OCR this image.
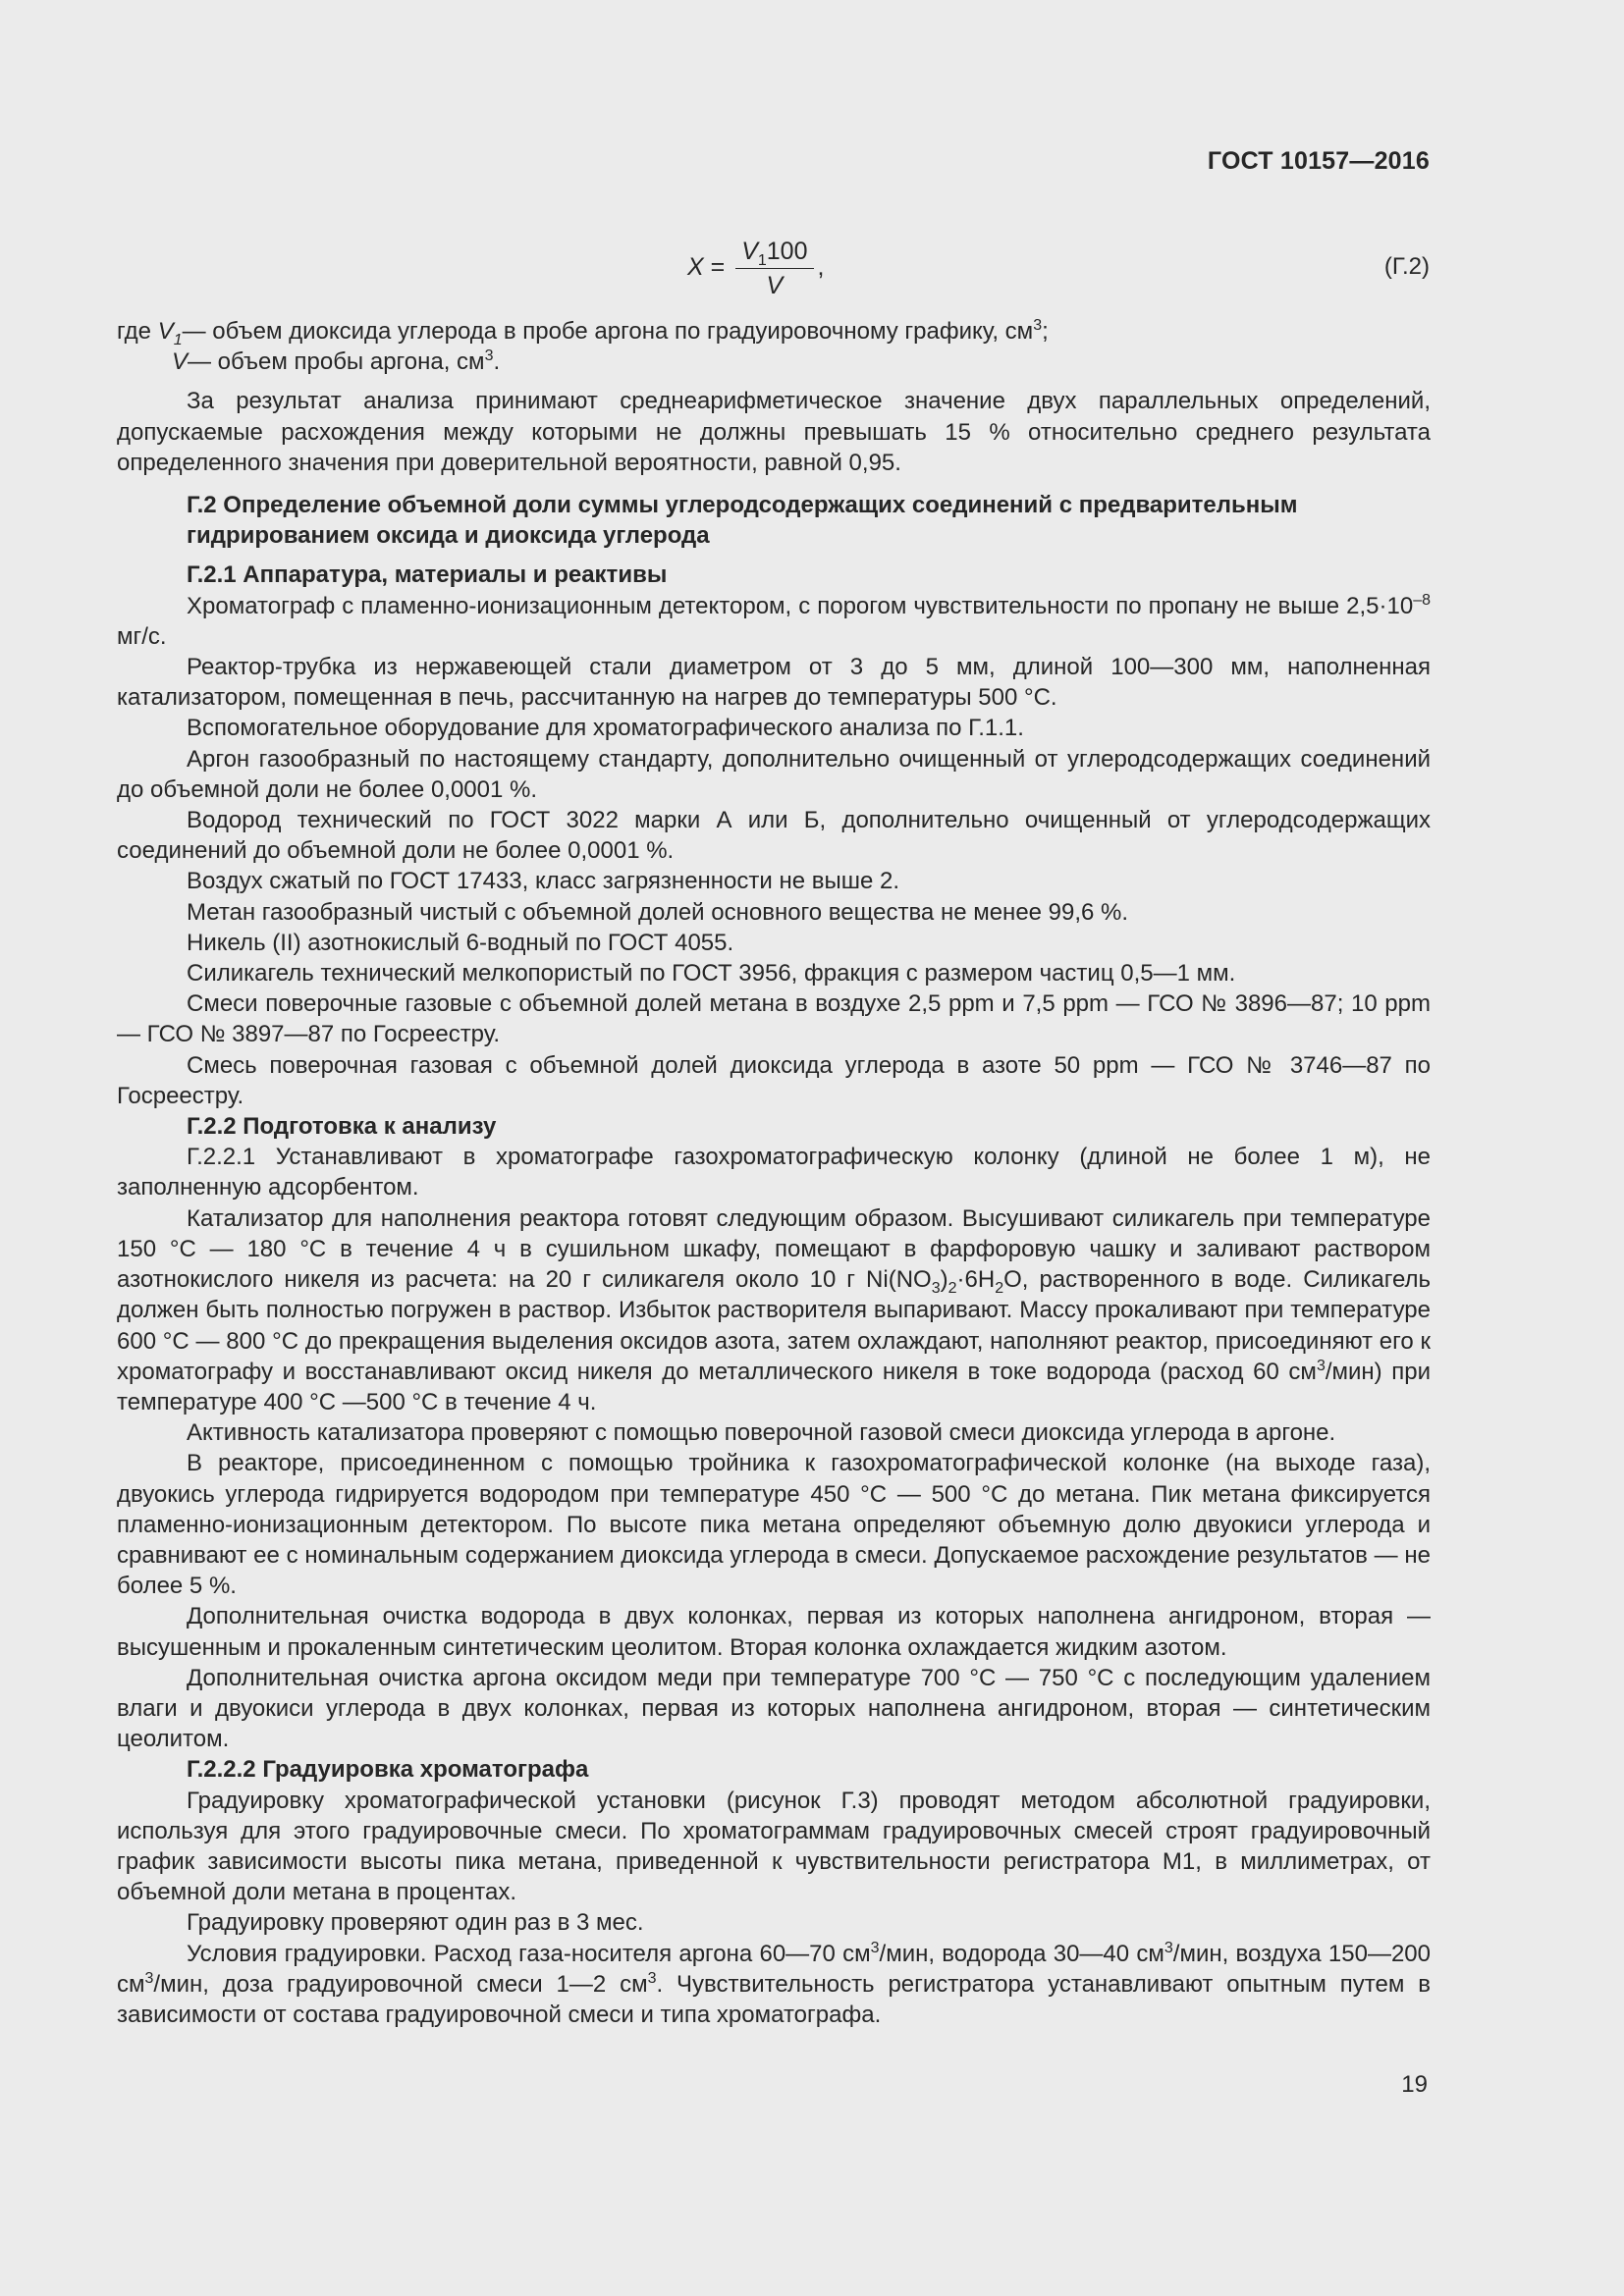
ГОСТ 10157—2016
$X = \frac{V_1100}{V}$ ,	(Г.2)

где $V_1$ — объем диоксида углерода в пробе аргона по градуировочному графику, $см^3$;

V — объем пробы аргона, $см^3$.

За результат анализа принимают среднеарифметическое значение двух параллельных определений, допускаемые расхождения между которыми не должны превышать 15 % относительно среднего результата определенного значения при доверительной вероятности, равной 0,95.

Г.2 Определение объемной доли суммы углеродсодержащих соединений с предварительным гидрированием оксида и диоксида углерода

Г.2.1 Аппаратура, материалы и реактивы

Хроматограф с пламенно-ионизационным детектором, с порогом чувствительности по пропану не выше $2,5\cdot 10^{-8}$ мг/с.

Реактор-трубка из нержавеющей стали диаметром от 3 до 5 мм, длиной 100—300 мм, наполненная катализатором, помещенная в печь, рассчитанную на нагрев до температуры 500 °С.

Вспомогательное оборудование для хроматографического анализа по Г.1.1.

Аргон газообразный по настоящему стандарту, дополнительно очищенный от углеродсодержащих соединений до объемной доли не более 0,0001 %.

Водород технический по ГОСТ 3022 марки А или Б, дополнительно очищенный от углеродсодержащих соединений до объемной доли не более 0,0001 %.

Воздух сжатый по ГОСТ 17433, класс загрязненности не выше 2.

Метан газообразный чистый с объемной долей основного вещества не менее 99,6 %.

Никель (II) азотнокислый 6-водный по ГОСТ 4055.

Силикагель технический мелкопористый по ГОСТ 3956, фракция с размером частиц 0,5—1 мм.

Смеси поверочные газовые с объемной долей метана в воздухе 2,5 ppm и 7,5 ppm — ГСО № 3896—87; 10 ppm — ГСО № 3897—87 по Госреестру.

Смесь поверочная газовая с объемной долей диоксида углерода в азоте 50 ppm — ГСО № 3746—87 по Госреестру.

Г.2.2 Подготовка к анализу

Г.2.2.1 Устанавливают в хроматографе газохроматографическую колонку (длиной не более 1 м), не заполненную адсорбентом.

Катализатор для наполнения реактора готовят следующим образом. Высушивают силикагель при температуре 150 °С — 180 °С в течение 4 ч в сушильном шкафу, помещают в фарфоровую чашку и заливают раствором азотнокислого никеля из расчета: на 20 г силикагеля около 10 г $Ni(NO_3)_2\cdot 6H_2O$, растворенного в воде. Силикагель должен быть полностью погружен в раствор. Избыток растворителя выпаривают. Массу прокаливают при температуре 600 °С — 800 °С до прекращения выделения оксидов азота, затем охлаждают, наполняют реактор, присоединяют его к хроматографу и восстанавливают оксид никеля до металлического никеля в токе водорода (расход 60 $см^3/мин$) при температуре 400 °С —500 °С в течение 4 ч.

Активность катализатора проверяют с помощью поверочной газовой смеси диоксида углерода в аргоне.

В реакторе, присоединенном с помощью тройника к газохроматографической колонке (на выходе газа), двуокись углерода гидрируется водородом при температуре 450 °С — 500 °С до метана. Пик метана фиксируется пламенно-ионизационным детектором. По высоте пика метана определяют объемную долю двуокиси углерода и сравнивают ее с номинальным содержанием диоксида углерода в смеси. Допускаемое расхождение результатов — не более 5 %.

Дополнительная очистка водорода в двух колонках, первая из которых наполнена ангидроном, вторая — высушенным и прокаленным синтетическим цеолитом. Вторая колонка охлаждается жидким азотом.

Дополнительная очистка аргона оксидом меди при температуре 700 °С — 750 °С с последующим удалением влаги и двуокиси углерода в двух колонках, первая из которых наполнена ангидроном, вторая — синтетическим цеолитом.

Г.2.2.2 Градуировка хроматографа

Градуировку хроматографической установки (рисунок Г.3) проводят методом абсолютной градуировки, используя для этого градуировочные смеси. По хроматограммам градуировочных смесей строят градуировочный график зависимости высоты пика метана, приведенной к чувствительности регистратора М1, в миллиметрах, от объемной доли метана в процентах.

Градуировку проверяют один раз в 3 мес.

Условия градуировки. Расход газа-носителя аргона 60—70 $см^3$/мин, водорода 30—40 $см^3$/мин, воздуха 150—200 $см^3$/мин, доза градуировочной смеси 1—2 $см^3$. Чувствительность регистратора устанавливают опытным путем в зависимости от состава градуировочной смеси и типа хроматографа.

19
